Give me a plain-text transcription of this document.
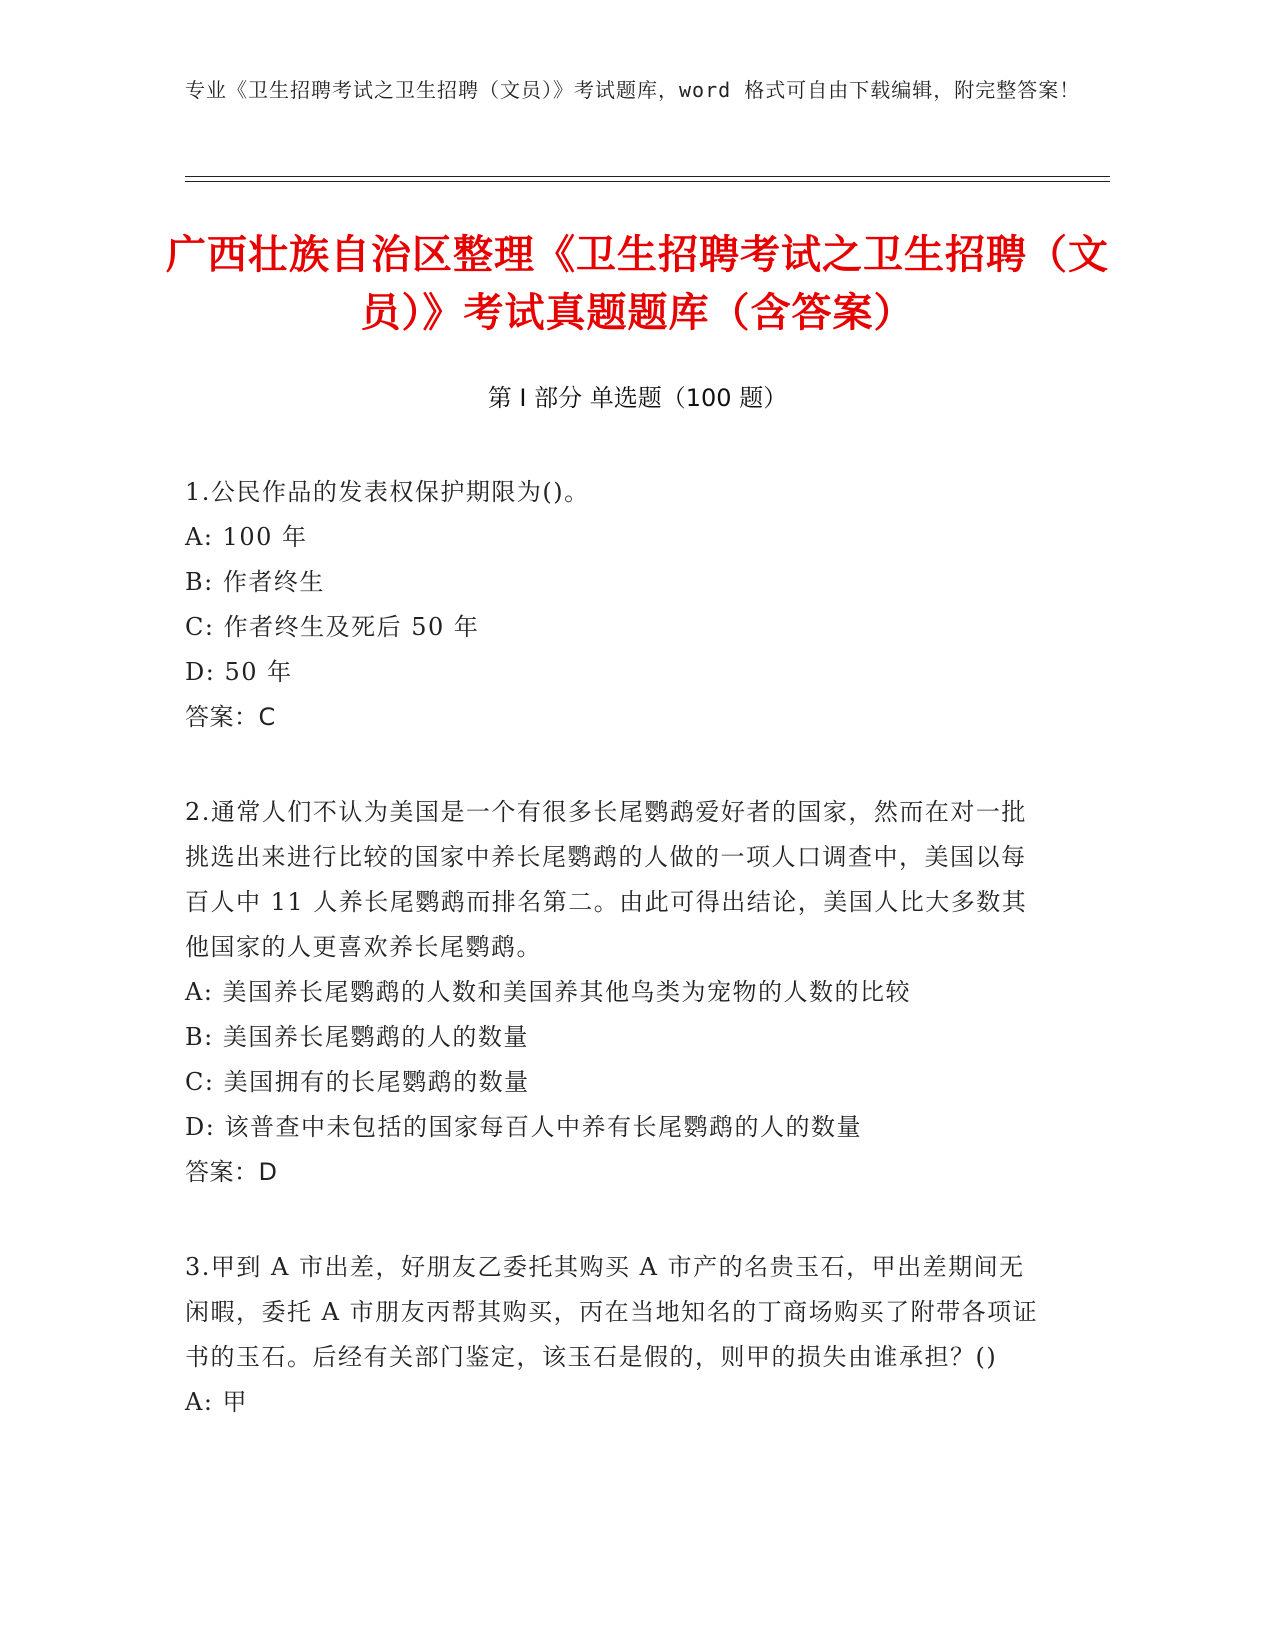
专业《卫生招聘考试之卫生招聘（文员）》考试题库，word 格式可自由下载编辑，附完整答案！
广西壮族自治区整理《卫生招聘考试之卫生招聘（文员）》考试真题题库（含答案）
第 I 部分 单选题（100 题）

1.公民作品的发表权保护期限为()。

A: 100 年

B: 作者终生

C: 作者终生及死后 50 年

D: 50 年

答案：C

2.通常人们不认为美国是一个有很多长尾鹦鹉爱好者的国家，然而在对一批挑选出来进行比较的国家中养长尾鹦鹉的人做的一项人口调查中，美国以每百人中 11 人养长尾鹦鹉而排名第二。由此可得出结论，美国人比大多数其他国家的人更喜欢养长尾鹦鹉。

A: 美国养长尾鹦鹉的人数和美国养其他鸟类为宠物的人数的比较

B: 美国养长尾鹦鹉的人的数量

C: 美国拥有的长尾鹦鹉的数量

D: 该普查中未包括的国家每百人中养有长尾鹦鹉的人的数量

答案：D

3.甲到 A 市出差，好朋友乙委托其购买 A 市产的名贵玉石，甲出差期间无闲暇，委托 A 市朋友丙帮其购买，丙在当地知名的丁商场购买了附带各项证书的玉石。后经有关部门鉴定，该玉石是假的，则甲的损失由谁承担？()

A: 甲
